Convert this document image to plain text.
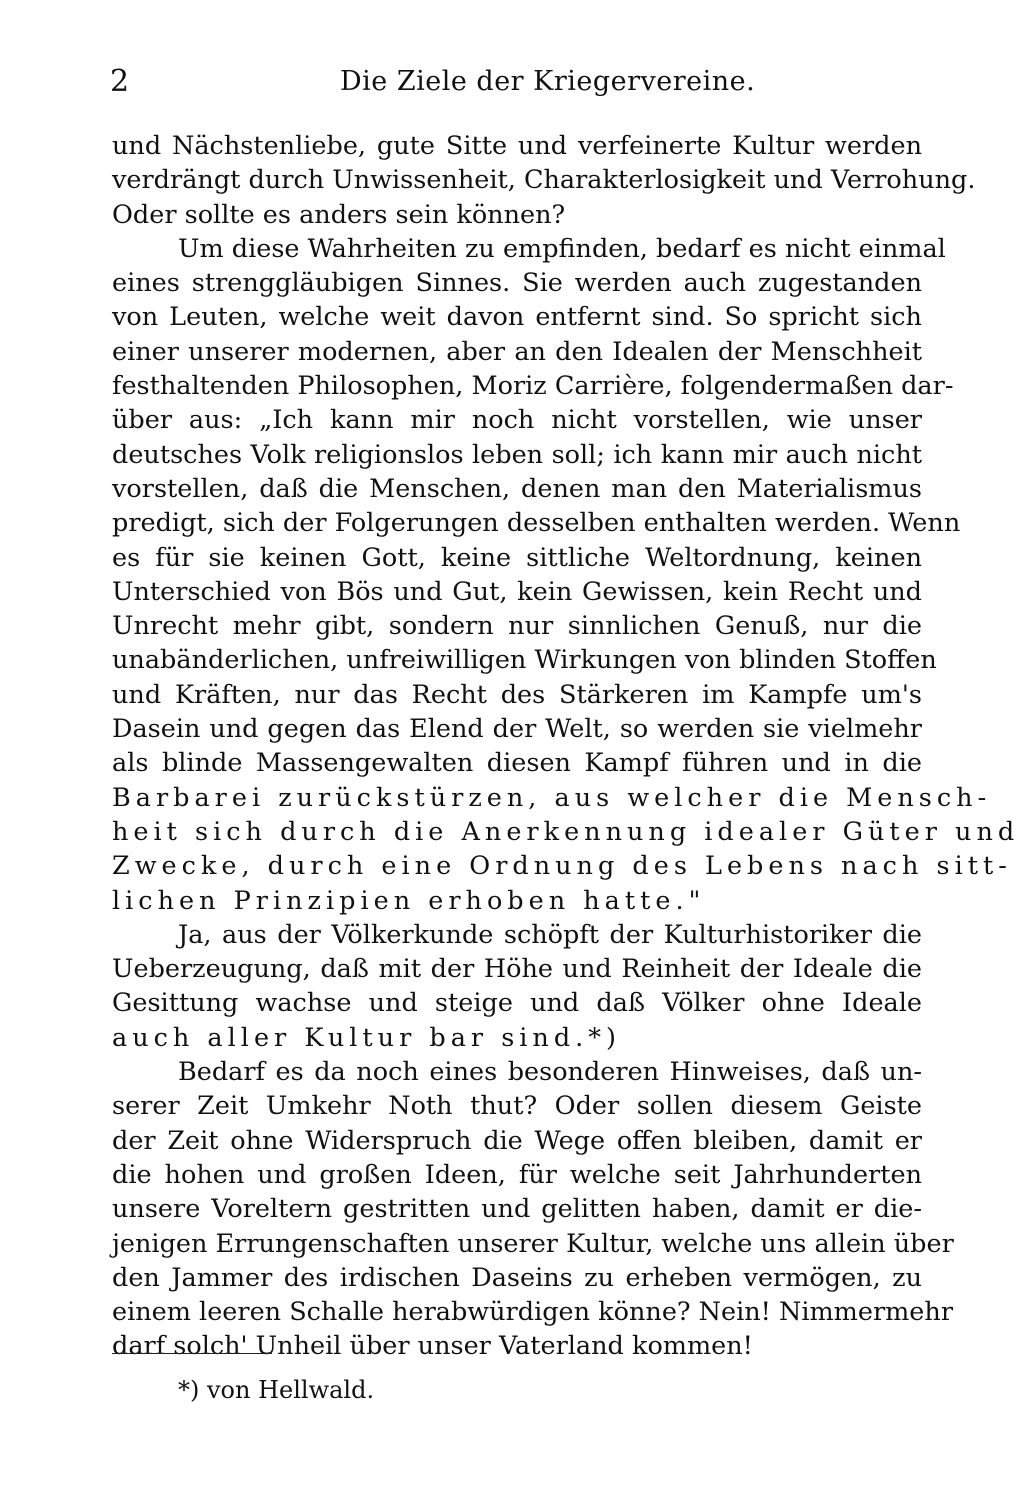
2	Die Ziele der Kriegervereine.
und Nächstenliebe, gute Sitte und verfeinerte Kultur werden
verdrängt durch Unwissenheit, Charakterlosigkeit und Verrohung.
Oder sollte es anders sein können?
Um diese Wahrheiten zu empfinden, bedarf es nicht einmal
eines strenggläubigen Sinnes. Sie werden auch zugestanden
von Leuten, welche weit davon entfernt sind. So spricht sich
einer unserer modernen, aber an den Idealen der Menschheit
festhaltenden Philosophen, Moriz Carrière, folgendermaßen dar-
über aus: „Ich kann mir noch nicht vorstellen, wie unser
deutsches Volk religionslos leben soll; ich kann mir auch nicht
vorstellen, daß die Menschen, denen man den Materialismus
predigt, sich der Folgerungen desselben enthalten werden. Wenn
es für sie keinen Gott, keine sittliche Weltordnung, keinen
Unterschied von Bös und Gut, kein Gewissen, kein Recht und
Unrecht mehr gibt, sondern nur sinnlichen Genuß, nur die
unabänderlichen, unfreiwilligen Wirkungen von blinden Stoffen
und Kräften, nur das Recht des Stärkeren im Kampfe um's
Dasein und gegen das Elend der Welt, so werden sie vielmehr
als blinde Massengewalten diesen Kampf führen und in die
Barbarei zurückstürzen, aus welcher die Mensch-
heit sich durch die Anerkennung idealer Güter und
Zwecke, durch eine Ordnung des Lebens nach sitt-
lichen Prinzipien erhoben hatte."
Ja, aus der Völkerkunde schöpft der Kulturhistoriker die
Ueberzeugung, daß mit der Höhe und Reinheit der Ideale die
Gesittung wachse und steige und daß Völker ohne Ideale
auch aller Kultur bar sind.*)
Bedarf es da noch eines besonderen Hinweises, daß un-
serer Zeit Umkehr Noth thut? Oder sollen diesem Geiste
der Zeit ohne Widerspruch die Wege offen bleiben, damit er
die hohen und großen Ideen, für welche seit Jahrhunderten
unsere Voreltern gestritten und gelitten haben, damit er die-
jenigen Errungenschaften unserer Kultur, welche uns allein über
den Jammer des irdischen Daseins zu erheben vermögen, zu
einem leeren Schalle herabwürdigen könne? Nein! Nimmermehr
darf solch' Unheil über unser Vaterland kommen!
*) von Hellwald.
